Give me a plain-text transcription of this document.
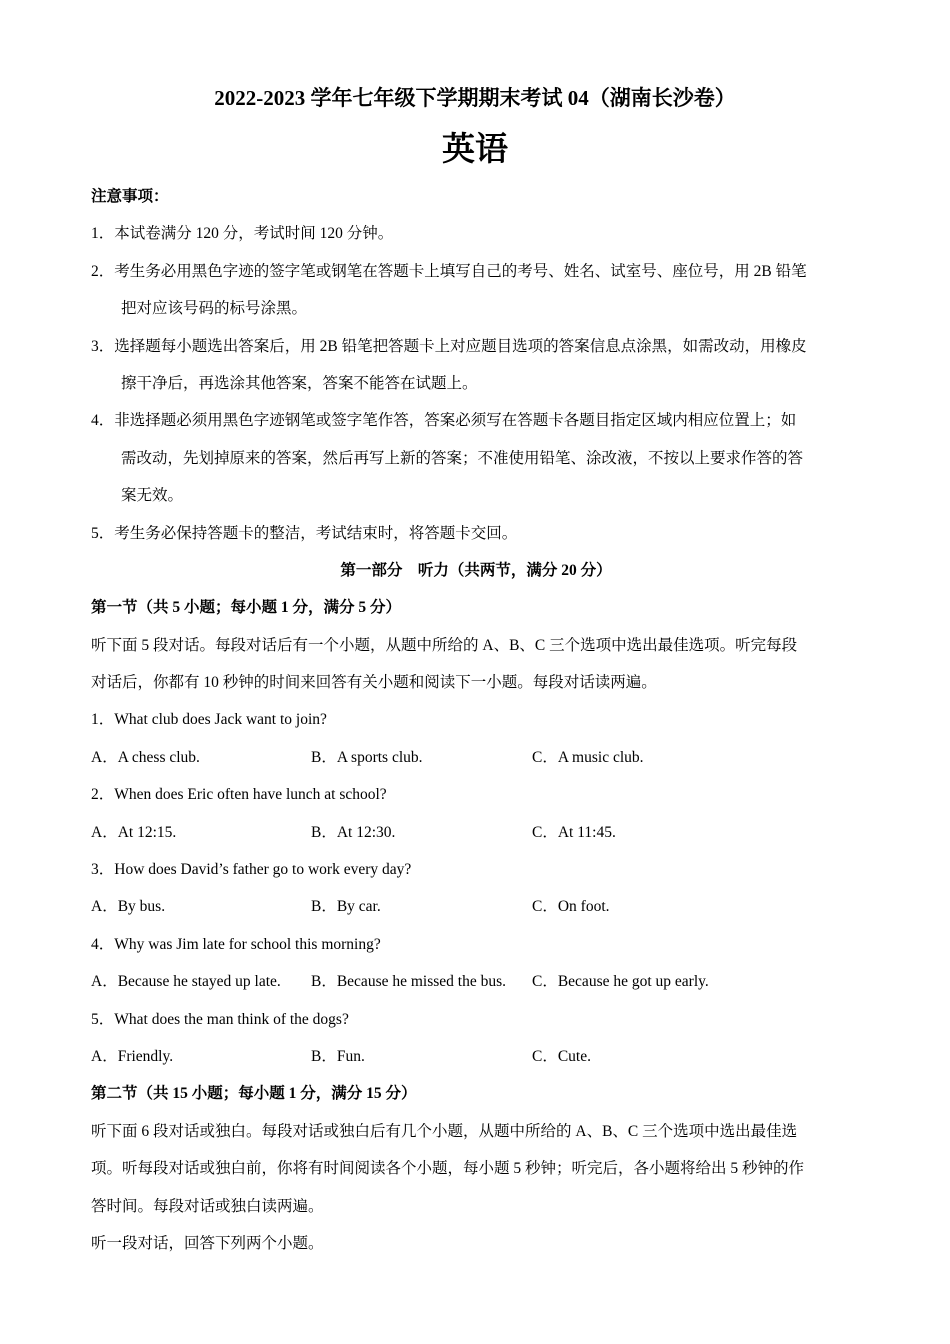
2022-2023 学年七年级下学期期末考试 04（湖南长沙卷）
英语
注意事项：
1．本试卷满分 120 分，考试时间 120 分钟。
2．考生务必用黑色字迹的签字笔或钢笔在答题卡上填写自己的考号、姓名、试室号、座位号，用 2B 铅笔
把对应该号码的标号涂黑。
3．选择题每小题选出答案后，用 2B 铅笔把答题卡上对应题目选项的答案信息点涂黑，如需改动，用橡皮
擦干净后，再选涂其他答案，答案不能答在试题上。
4．非选择题必须用黑色字迹钢笔或签字笔作答，答案必须写在答题卡各题目指定区域内相应位置上；如
需改动，先划掉原来的答案，然后再写上新的答案；不准使用铅笔、涂改液，不按以上要求作答的答
案无效。
5．考生务必保持答题卡的整洁，考试结束时，将答题卡交回。
第一部分　听力（共两节，满分 20 分）
第一节（共 5 小题；每小题 1 分，满分 5 分）
听下面 5 段对话。每段对话后有一个小题，从题中所给的 A、B、C 三个选项中选出最佳选项。听完每段
对话后，你都有 10 秒钟的时间来回答有关小题和阅读下一小题。每段对话读两遍。
1．What club does Jack want to join?
A．A chess club.	B．A sports club.	C．A music club.
2．When does Eric often have lunch at school?
A．At 12:15.	B．At 12:30.	C．At 11:45.
3．How does David’s father go to work every day?
A．By bus.	B．By car.	C．On foot.
4．Why was Jim late for school this morning?
A．Because he stayed up late.	B．Because he missed the bus.	C．Because he got up early.
5．What does the man think of the dogs?
A．Friendly.	B．Fun.	C．Cute.
第二节（共 15 小题；每小题 1 分，满分 15 分）
听下面 6 段对话或独白。每段对话或独白后有几个小题，从题中所给的 A、B、C 三个选项中选出最佳选
项。听每段对话或独白前，你将有时间阅读各个小题，每小题 5 秒钟；听完后，各小题将给出 5 秒钟的作
答时间。每段对话或独白读两遍。
听一段对话，回答下列两个小题。
